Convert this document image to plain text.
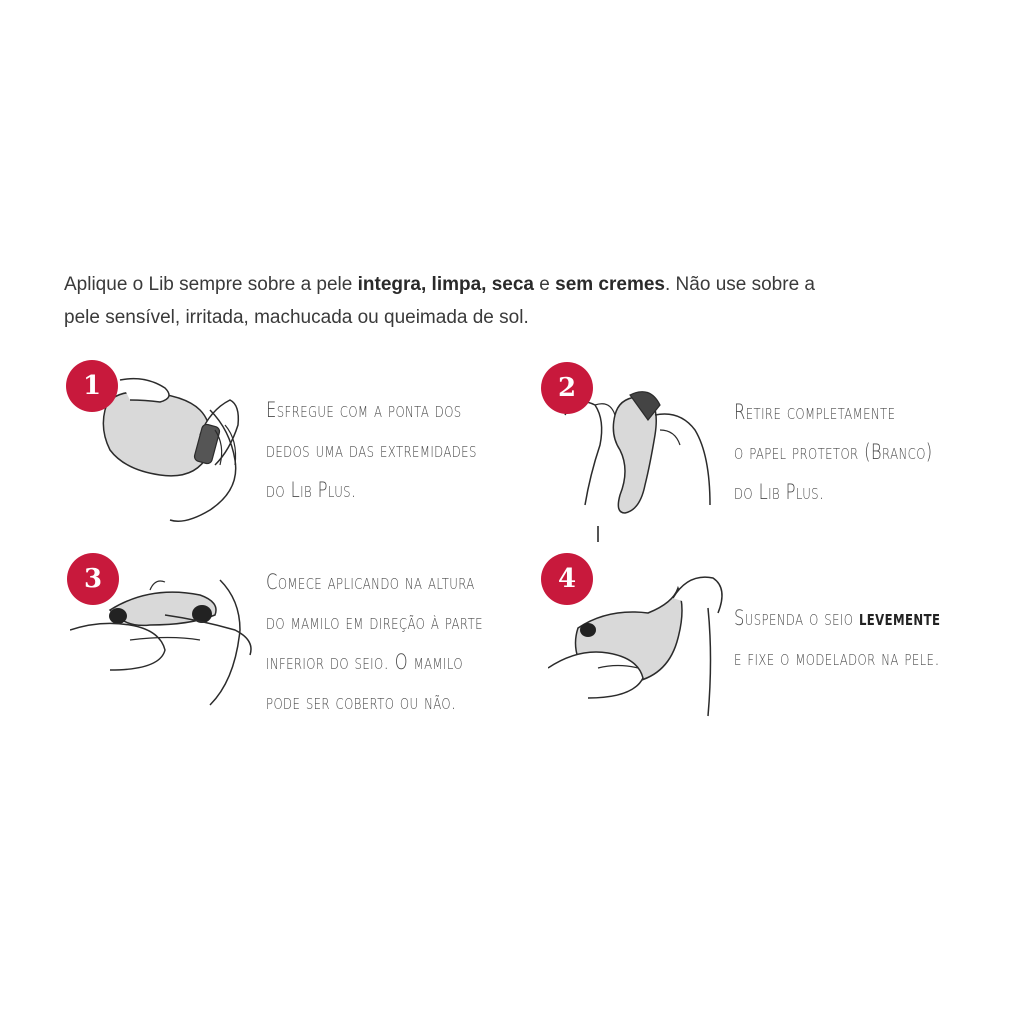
Aplique o Lib sempre sobre a pele integra, limpa, seca e sem cremes. Não use sobre a
pele sensível, irritada, machucada ou queimada de sol.

1
Esfregue com a ponta dos
dedos uma das extremidades
do Lib Plus.
2
Retire completamente
o papel protetor (Branco)
do Lib Plus.
3	Comece aplicando na altura
do mamilo em direção à parte
inferior do seio. O mamilo
pode ser coberto ou não.
4
Suspenda o seio levemente
e fixe o modelador na pele.
